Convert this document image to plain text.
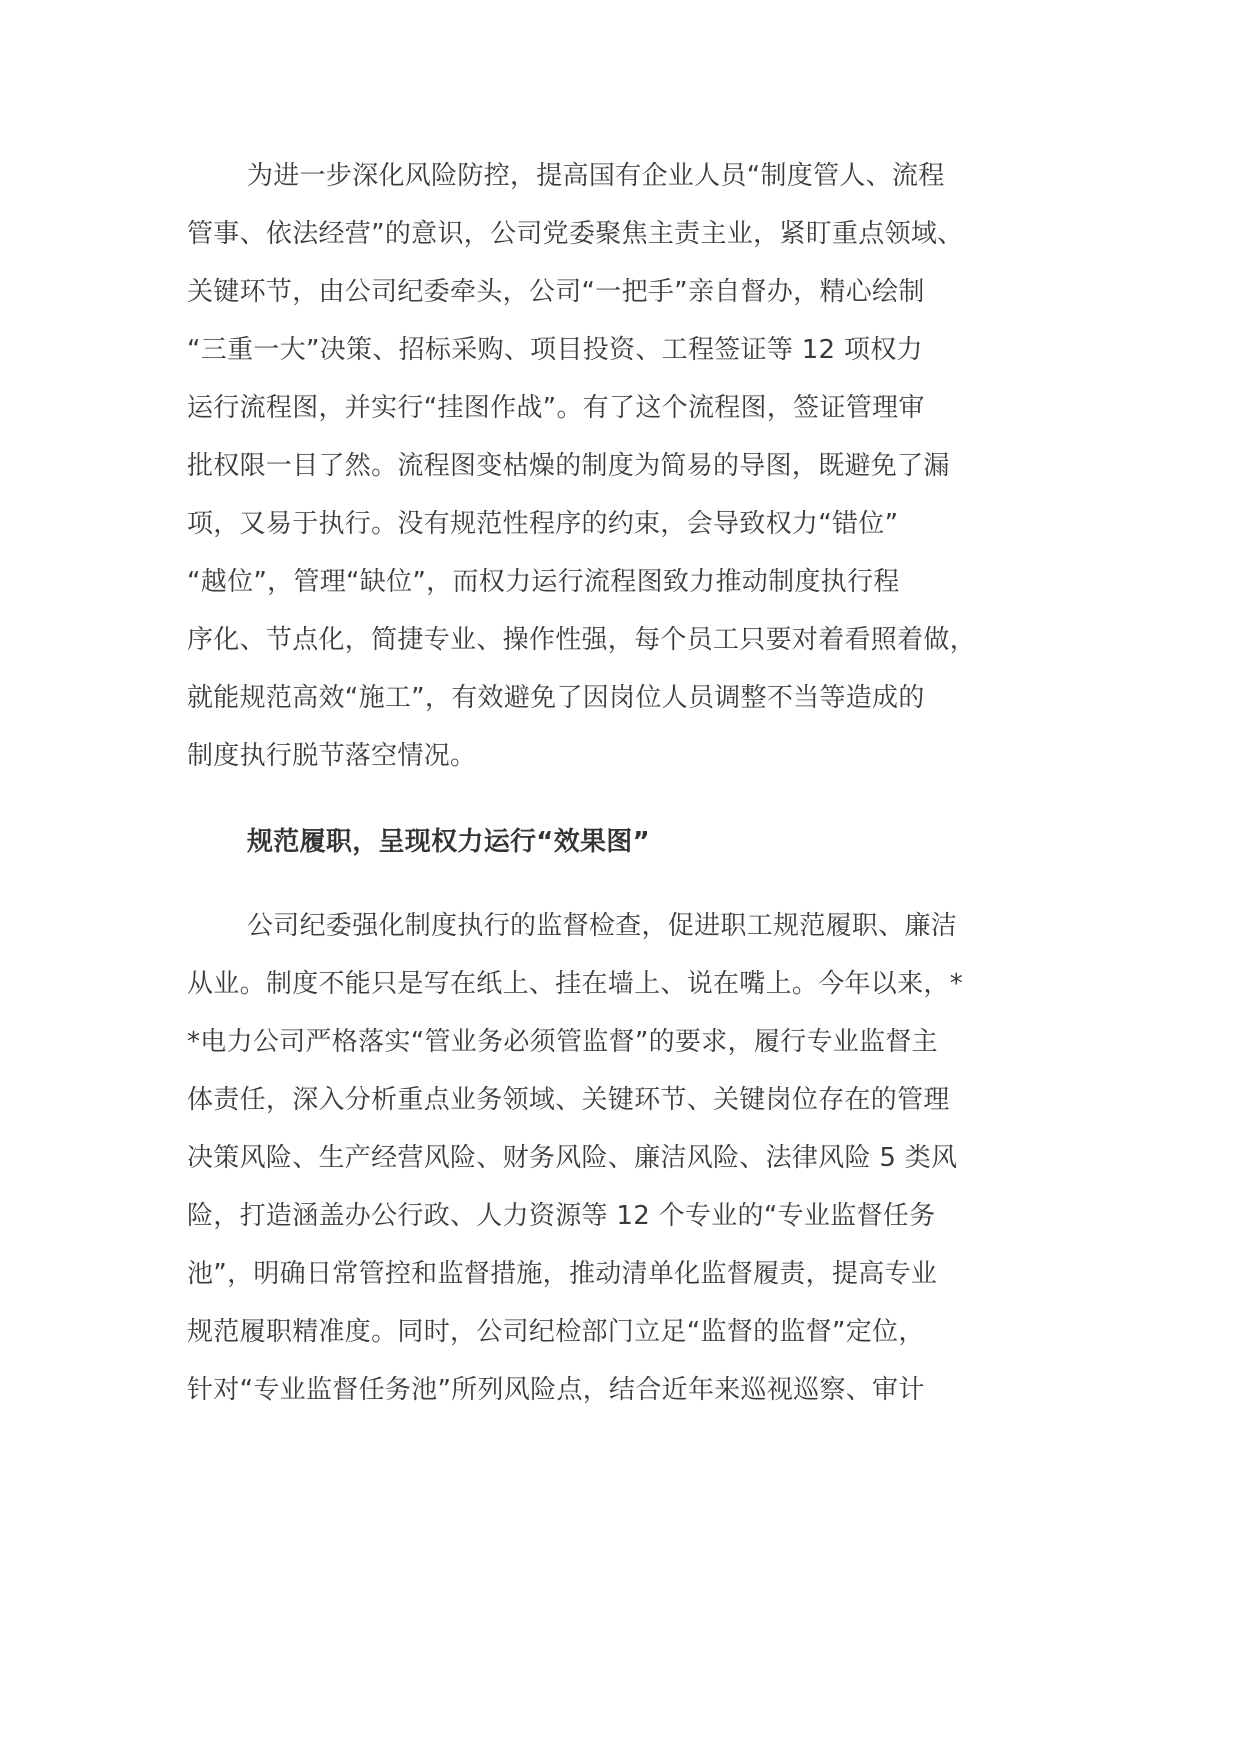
为进一步深化风险防控，提高国有企业人员“制度管人、流程
管事、依法经营”的意识，公司党委聚焦主责主业，紧盯重点领域、
关键环节，由公司纪委牵头，公司“一把手”亲自督办，精心绘制
“三重一大”决策、招标采购、项目投资、工程签证等 12 项权力
运行流程图，并实行“挂图作战”。有了这个流程图，签证管理审
批权限一目了然。流程图变枯燥的制度为简易的导图，既避免了漏
项，又易于执行。没有规范性程序的约束，会导致权力“错位”
“越位”，管理“缺位”，而权力运行流程图致力推动制度执行程
序化、节点化，简捷专业、操作性强，每个员工只要对着看照着做，
就能规范高效“施工”，有效避免了因岗位人员调整不当等造成的
制度执行脱节落空情况。
规范履职，呈现权力运行“效果图”
公司纪委强化制度执行的监督检查，促进职工规范履职、廉洁
从业。制度不能只是写在纸上、挂在墙上、说在嘴上。今年以来，*
*电力公司严格落实“管业务必须管监督”的要求，履行专业监督主
体责任，深入分析重点业务领域、关键环节、关键岗位存在的管理
决策风险、生产经营风险、财务风险、廉洁风险、法律风险 5 类风
险，打造涵盖办公行政、人力资源等 12 个专业的“专业监督任务
池”，明确日常管控和监督措施，推动清单化监督履责，提高专业
规范履职精准度。同时，公司纪检部门立足“监督的监督”定位，
针对“专业监督任务池”所列风险点，结合近年来巡视巡察、审计
